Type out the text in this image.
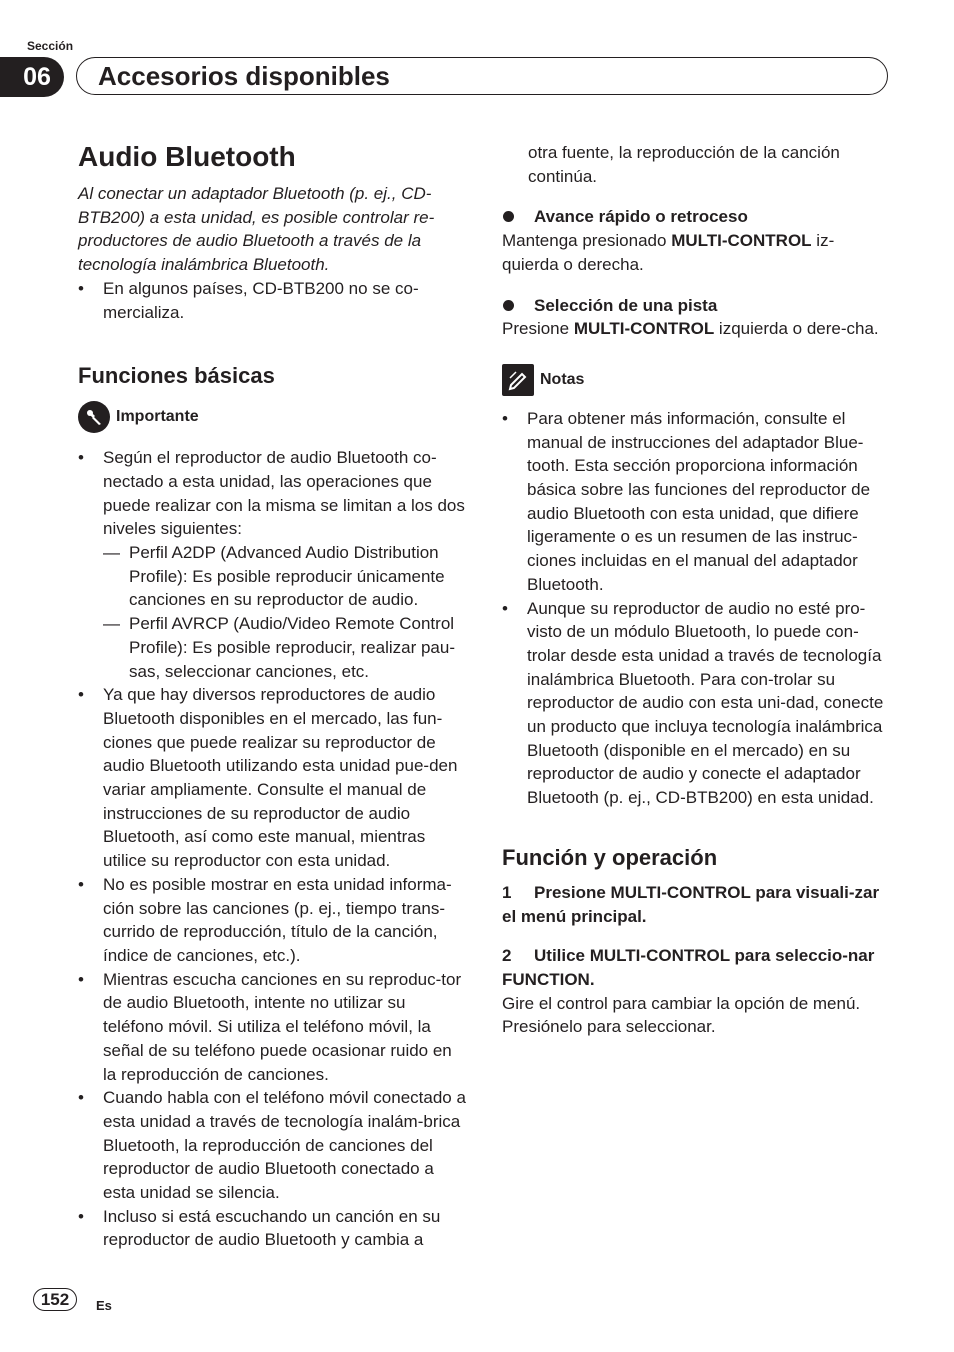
Sección
06	Accesorios disponibles
Audio Bluetooth

Al conectar un adaptador Bluetooth (p. ej., CD-BTB200) a esta unidad, es posible controlar re-productores de audio Bluetooth a través de la tecnología inalámbrica Bluetooth.

• En algunos países, CD-BTB200 no se co-mercializa.
Funciones básicas
Importante
• Según el reproductor de audio Bluetooth co-nectado a esta unidad, las operaciones que puede realizar con la misma se limitan a los dos niveles siguientes:
— Perfil A2DP (Advanced Audio Distribution Profile): Es posible reproducir únicamente canciones en su reproductor de audio.
— Perfil AVRCP (Audio/Video Remote Control Profile): Es posible reproducir, realizar pau-sas, seleccionar canciones, etc.
• Ya que hay diversos reproductores de audio Bluetooth disponibles en el mercado, las fun-ciones que puede realizar su reproductor de audio Bluetooth utilizando esta unidad pue-den variar ampliamente. Consulte el manual de instrucciones de su reproductor de audio Bluetooth, así como este manual, mientras utilice su reproductor con esta unidad.
• No es posible mostrar en esta unidad informa-ción sobre las canciones (p. ej., tiempo trans-currido de reproducción, título de la canción, índice de canciones, etc.).
• Mientras escucha canciones en su reproduc-tor de audio Bluetooth, intente no utilizar su teléfono móvil. Si utiliza el teléfono móvil, la señal de su teléfono puede ocasionar ruido en la reproducción de canciones.
• Cuando habla con el teléfono móvil conectado a esta unidad a través de tecnología inalám-brica Bluetooth, la reproducción de canciones del reproductor de audio Bluetooth conectado a esta unidad se silencia.
• Incluso si está escuchando un canción en su reproductor de audio Bluetooth y cambia a

otra fuente, la reproducción de la canción continúa.

Avance rápido o retroceso

Mantenga presionado MULTI-CONTROL iz-quierda o derecha.

Selección de una pista

Presione MULTI-CONTROL izquierda o dere-cha.

Notas
• Para obtener más información, consulte el manual de instrucciones del adaptador Blue-tooth. Esta sección proporciona información básica sobre las funciones del reproductor de audio Bluetooth con esta unidad, que difiere ligeramente o es un resumen de las instruc-ciones incluidas en el manual del adaptador Bluetooth.
• Aunque su reproductor de audio no esté pro-visto de un módulo Bluetooth, lo puede con-trolar desde esta unidad a través de tecnología inalámbrica Bluetooth. Para con-trolar su reproductor de audio con esta uni-dad, conecte un producto que incluya tecnología inalámbrica Bluetooth (disponible en el mercado) en su reproductor de audio y conecte el adaptador Bluetooth (p. ej., CD-BTB200) en esta unidad.
Función y operación

1 Presione MULTI-CONTROL para visuali-zar el menú principal.

2 Utilice MULTI-CONTROL para seleccio-nar FUNCTION.

Gire el control para cambiar la opción de menú. Presiónelo para seleccionar.

152	Es
